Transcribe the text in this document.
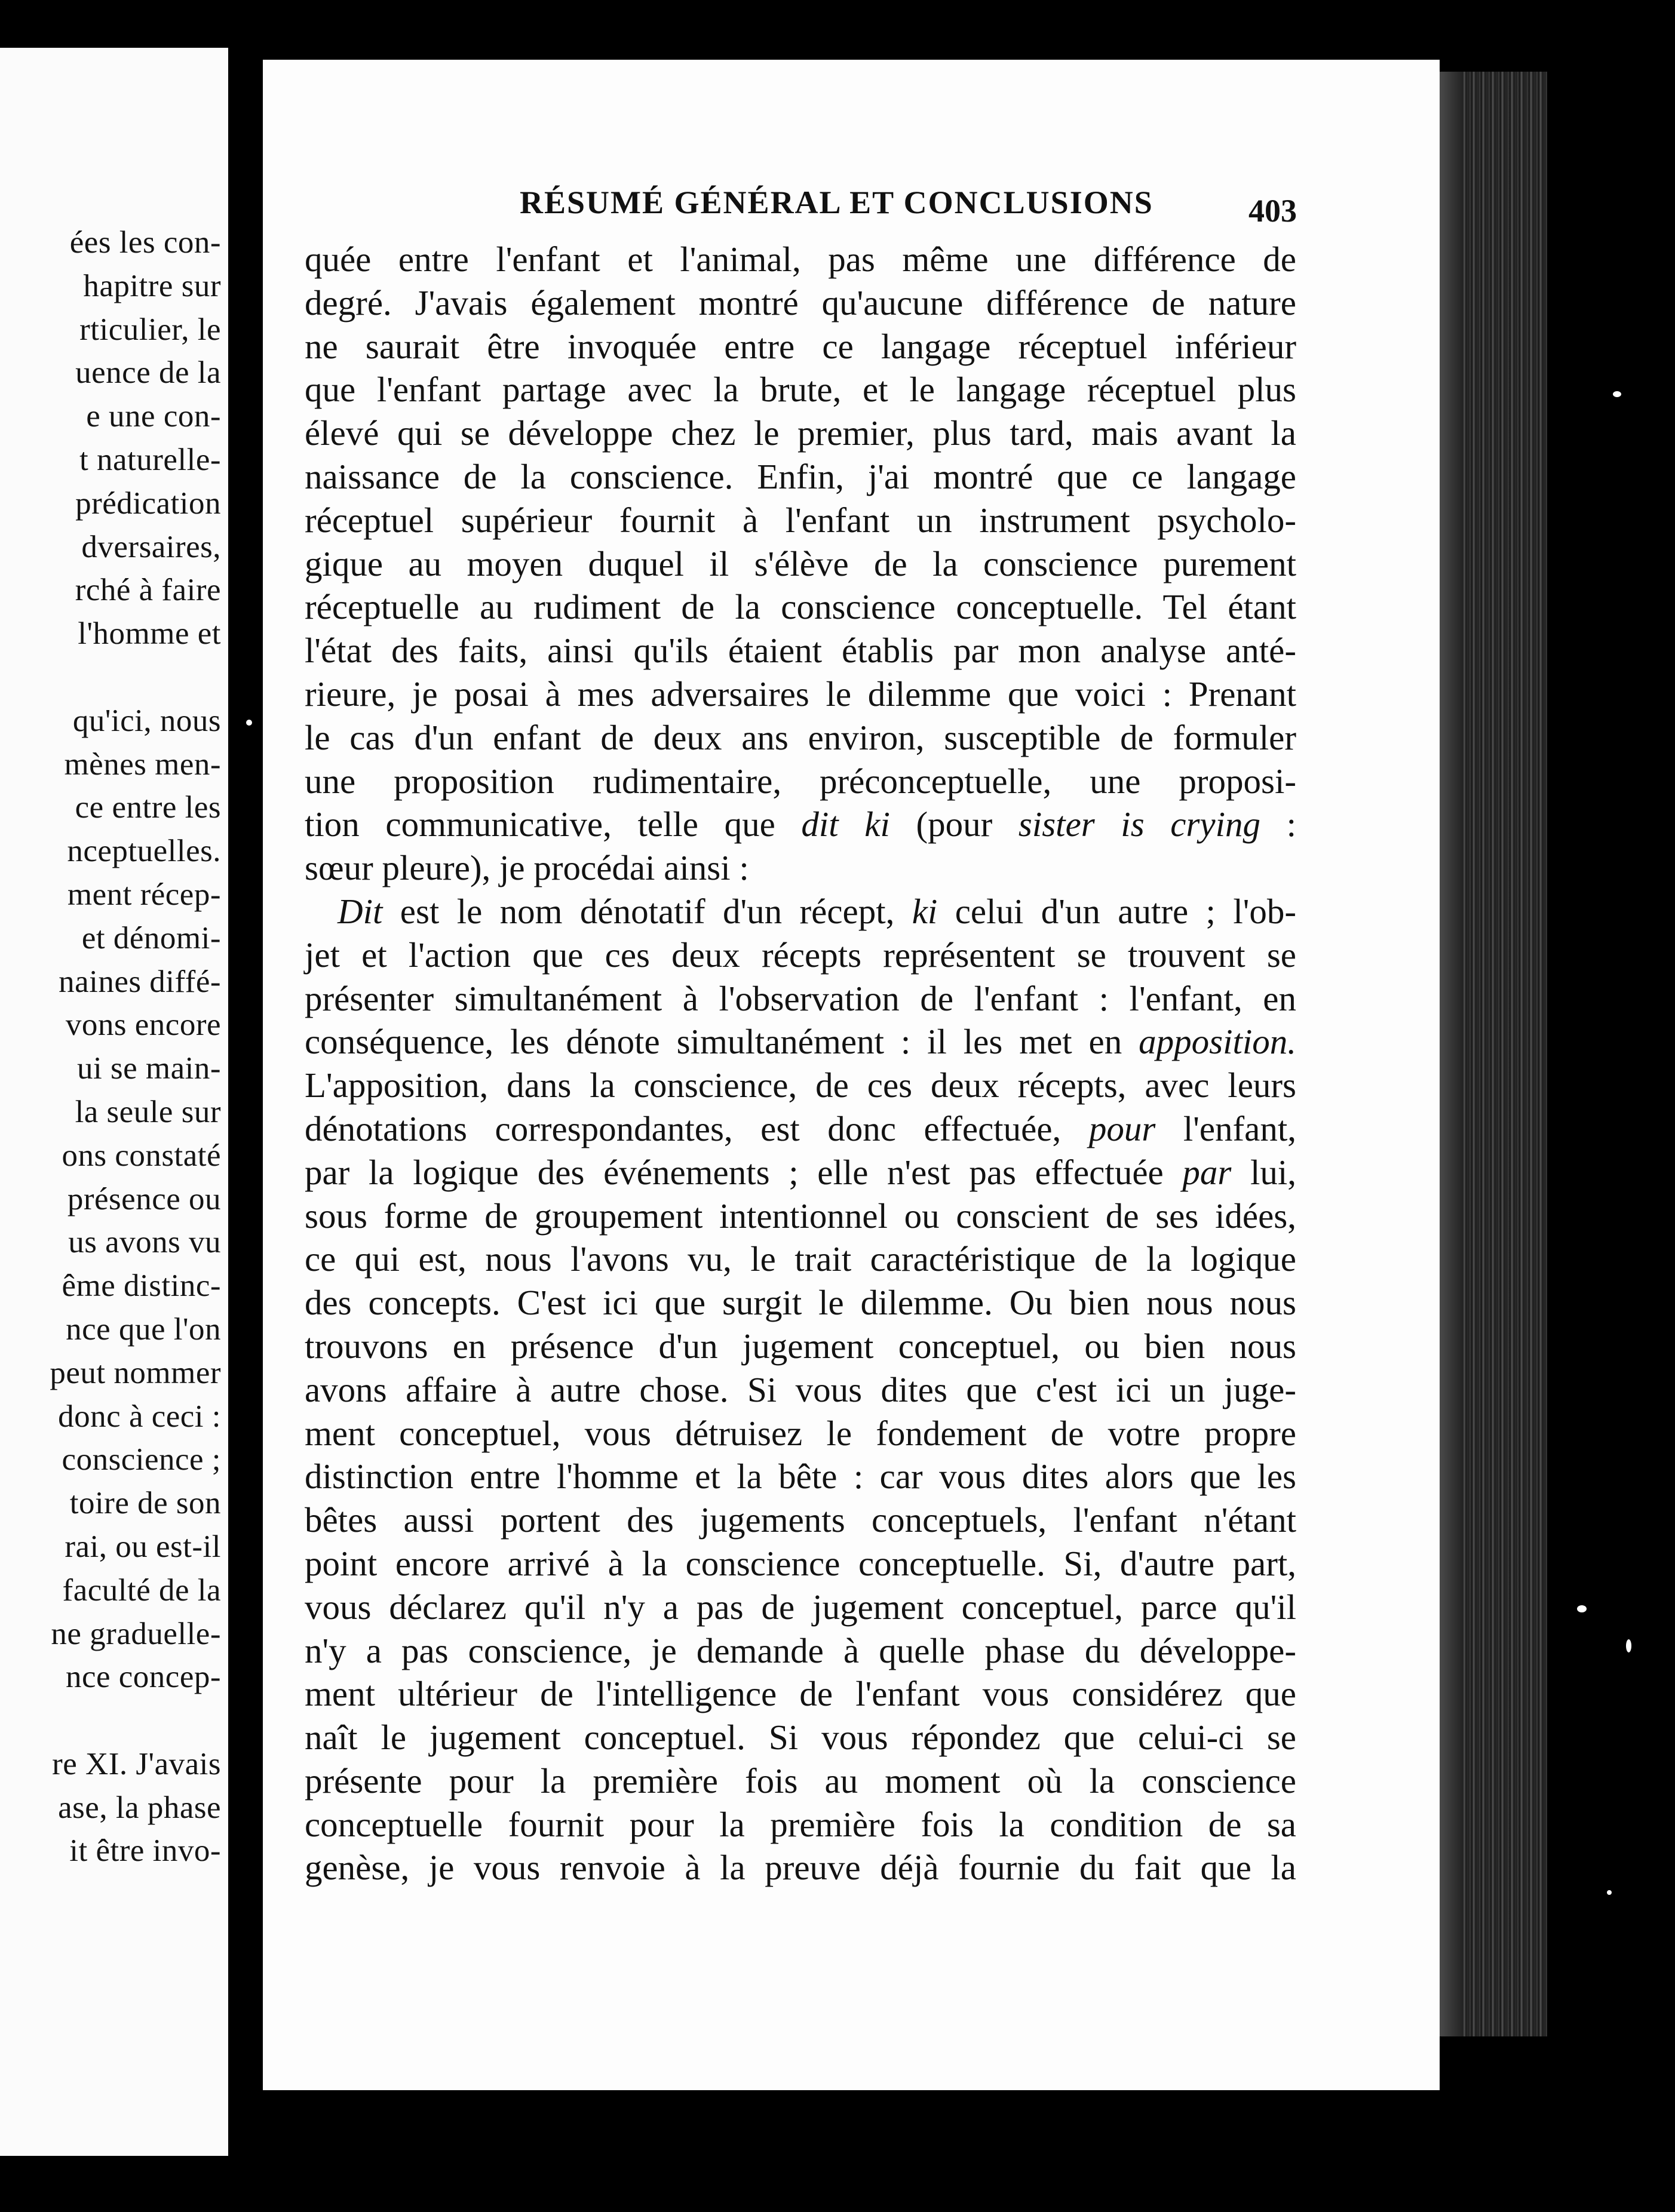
ées les con-
hapitre sur
rticulier, le
uence de la
e une con-
t naturelle-
prédication
dversaires,
rché à faire
l'homme et
qu'ici, nous
mènes men-
ce entre les
nceptuelles.
ment récep-
et dénomi-
naines diffé-
vons encore
ui se main-
la seule sur
ons constaté
présence ou
us avons vu
ême distinc-
nce que l'on
peut nommer
donc à ceci :
conscience ;
toire de son
rai, ou est-il
faculté de la
ne graduelle-
nce concep-
re XI. J'avais
ase, la phase
it être invo-
RÉSUMÉ GÉNÉRAL ET CONCLUSIONS	403
quée entre l'enfant et l'animal, pas même une différence de
degré. J'avais également montré qu'aucune différence de nature
ne saurait être invoquée entre ce langage réceptuel inférieur
que l'enfant partage avec la brute, et le langage réceptuel plus
élevé qui se développe chez le premier, plus tard, mais avant la
naissance de la conscience. Enfin, j'ai montré que ce langage
réceptuel supérieur fournit à l'enfant un instrument psycholo-
gique au moyen duquel il s'élève de la conscience purement
réceptuelle au rudiment de la conscience conceptuelle. Tel étant
l'état des faits, ainsi qu'ils étaient établis par mon analyse anté-
rieure, je posai à mes adversaires le dilemme que voici : Prenant
le cas d'un enfant de deux ans environ, susceptible de formuler
une proposition rudimentaire, préconceptuelle, une proposi-
tion communicative, telle que dit ki (pour sister is crying :
sœur pleure), je procédai ainsi :
Dit est le nom dénotatif d'un récept, ki celui d'un autre ; l'ob-
jet et l'action que ces deux récepts représentent se trouvent se
présenter simultanément à l'observation de l'enfant : l'enfant, en
conséquence, les dénote simultanément : il les met en apposition.
L'apposition, dans la conscience, de ces deux récepts, avec leurs
dénotations correspondantes, est donc effectuée, pour l'enfant,
par la logique des événements ; elle n'est pas effectuée par lui,
sous forme de groupement intentionnel ou conscient de ses idées,
ce qui est, nous l'avons vu, le trait caractéristique de la logique
des concepts. C'est ici que surgit le dilemme. Ou bien nous nous
trouvons en présence d'un jugement conceptuel, ou bien nous
avons affaire à autre chose. Si vous dites que c'est ici un juge-
ment conceptuel, vous détruisez le fondement de votre propre
distinction entre l'homme et la bête : car vous dites alors que les
bêtes aussi portent des jugements conceptuels, l'enfant n'étant
point encore arrivé à la conscience conceptuelle. Si, d'autre part,
vous déclarez qu'il n'y a pas de jugement conceptuel, parce qu'il
n'y a pas conscience, je demande à quelle phase du développe-
ment ultérieur de l'intelligence de l'enfant vous considérez que
naît le jugement conceptuel. Si vous répondez que celui-ci se
présente pour la première fois au moment où la conscience
conceptuelle fournit pour la première fois la condition de sa
genèse, je vous renvoie à la preuve déjà fournie du fait que la
